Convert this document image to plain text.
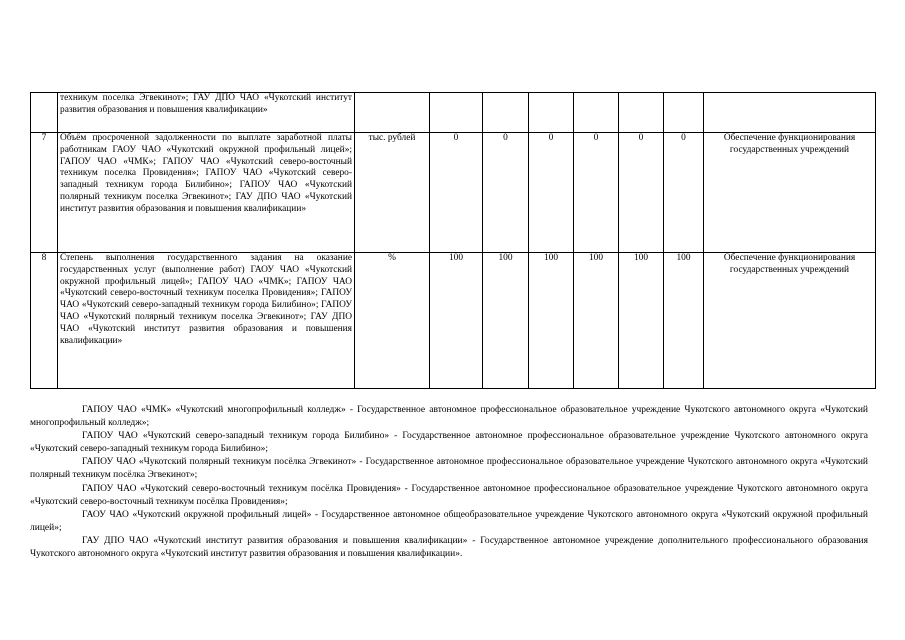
	техникум поселка Эгвекинот»; ГАУ ДПО ЧАО «Чукотский институт развития образования и повышения квалификации»								
7	Объём просроченной задолженности по выплате заработной платы работникам ГАОУ ЧАО «Чукотский окружной профильный лицей»; ГАПОУ ЧАО «ЧМК»; ГАПОУ ЧАО «Чукотский северо-восточный техникум поселка Провидения»; ГАПОУ ЧАО «Чукотский северо-западный техникум города Билибино»; ГАПОУ ЧАО «Чукотский полярный техникум поселка Эгвекинот»; ГАУ ДПО ЧАО «Чукотский институт развития образования и повышения квалификации»	тыс. рублей	0	0	0	0	0	0	Обеспечение функционирования государственных учреждений
8	Степень выполнения государственного задания на оказание государственных услуг (выполнение работ) ГАОУ ЧАО «Чукотский окружной профильный лицей»; ГАПОУ ЧАО «ЧМК»; ГАПОУ ЧАО «Чукотский северо-восточный техникум поселка Провидения»; ГАПОУ ЧАО «Чукотский северо-западный техникум города Билибино»; ГАПОУ ЧАО «Чукотский полярный техникум поселка Эгвекинот»; ГАУ ДПО ЧАО «Чукотский институт развития образования и повышения квалификации»	%	100	100	100	100	100	100	Обеспечение функционирования государственных учреждений

ГАПОУ ЧАО «ЧМК» «Чукотский многопрофильный колледж» - Государственное автономное профессиональное образовательное учреждение Чукотского автономного округа «Чукотский многопрофильный колледж»;

ГАПОУ ЧАО «Чукотский северо-западный техникум города Билибино» - Государственное автономное профессиональное образовательное учреждение Чукотского автономного округа «Чукотский северо-западный техникум города Билибино»;

ГАПОУ ЧАО «Чукотский полярный техникум посёлка Эгвекинот» - Государственное автономное профессиональное образовательное учреждение Чукотского автономного округа «Чукотский полярный техникум посёлка Эгвекинот»;

ГАПОУ ЧАО «Чукотский северо-восточный техникум посёлка Провидения» - Государственное автономное профессиональное образовательное учреждение Чукотского автономного округа «Чукотский северо-восточный техникум посёлка Провидения»;

ГАОУ ЧАО «Чукотский окружной профильный лицей» - Государственное автономное общеобразовательное учреждение Чукотского автономного округа «Чукотский окружной профильный лицей»;

ГАУ ДПО ЧАО «Чукотский институт развития образования и повышения квалификации» - Государственное автономное учреждение дополнительного профессионального образования Чукотского автономного округа «Чукотский институт развития образования и повышения квалификации».
